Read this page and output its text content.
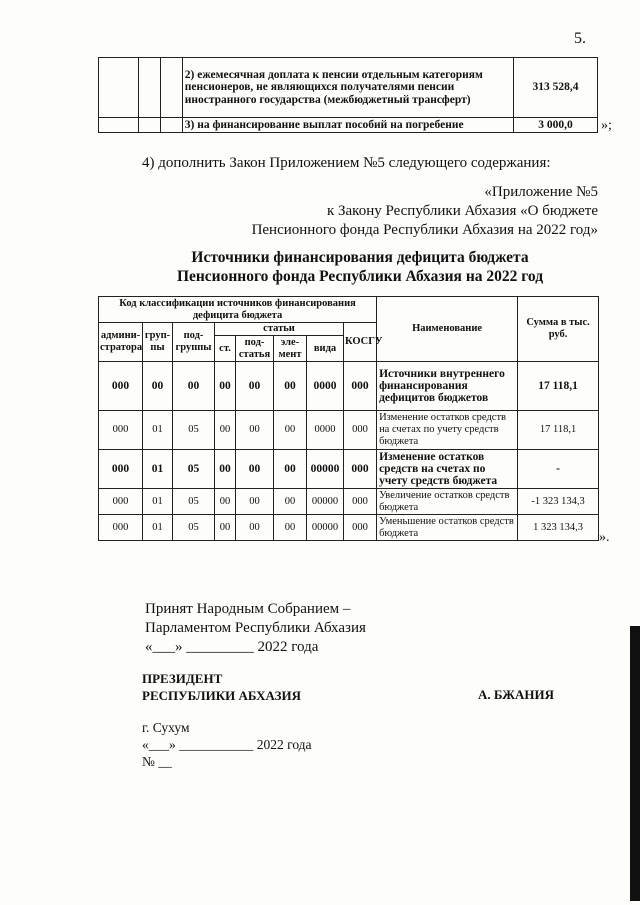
5.
			2) ежемесячная доплата к пенсии отдельным категориям пенсионеров, не являющихся получателями пенсии иностранного государства (межбюджетный трансферт)	313 528,4
			3) на финансирование выплат пособий на погребение	3 000,0 »;
4) дополнить Закон Приложением №5 следующего содержания:
«Приложение №5
к Закону Республики Абхазия «О бюджете
Пенсионного фонда Республики Абхазия на 2022 год»
Источники финансирования дефицита бюджета
Пенсионного фонда Республики Абхазия на 2022 год
Код классификации источников финансирования дефицита бюджета								Наименование	Сумма в тыс. руб.
админи-стратора	груп-пы	под-группы	статьи				КОСГУ		
			ст.	под-статья	эле-мент	вида			
000	00	00	00	00	00	0000	000	Источники внутреннего финансирования дефицитов бюджетов	17 118,1
000	01	05	00	00	00	0000	000	Изменение остатков средств на счетах по учету средств бюджета	17 118,1
000	01	05	00	00	00	00000	000	Изменение остатков средств на счетах по учету средств бюджета	-
000	01	05	00	00	00	00000	000	Увеличение остатков средств бюджета	-1 323 134,3
000	01	05	00	00	00	00000	000	Уменьшение остатков средств бюджета	1 323 134,3
».
Принят Народным Собранием –
Парламентом Республики Абхазия
«___» _________ 2022 года
ПРЕЗИДЕНТ
РЕСПУБЛИКИ АБХАЗИЯ	А. БЖАНИЯ
г. Сухум
«___» ___________ 2022 года
№ __
